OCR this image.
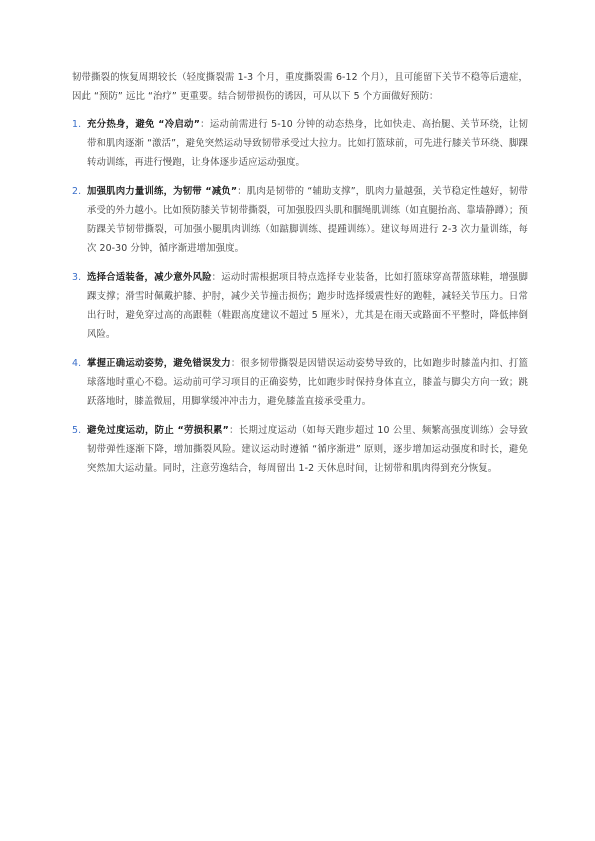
韧带撕裂的恢复周期较长（轻度撕裂需 1-3 个月，重度撕裂需 6-12 个月），且可能留下关节不稳等后遗症，因此 “预防” 远比 “治疗” 更重要。结合韧带损伤的诱因，可从以下 5 个方面做好预防：

1. 充分热身，避免 “冷启动”：运动前需进行 5-10 分钟的动态热身，比如快走、高抬腿、关节环绕，让韧带和肌肉逐渐 “激活”，避免突然运动导致韧带承受过大拉力。比如打篮球前，可先进行膝关节环绕、脚踝转动训练，再进行慢跑，让身体逐步适应运动强度。
2. 加强肌肉力量训练，为韧带 “减负”：肌肉是韧带的 “辅助支撑”，肌肉力量越强，关节稳定性越好，韧带承受的外力越小。比如预防膝关节韧带撕裂，可加强股四头肌和腘绳肌训练（如直腿抬高、靠墙静蹲）；预防踝关节韧带撕裂，可加强小腿肌肉训练（如踮脚训练、提踵训练）。建议每周进行 2-3 次力量训练，每次 20-30 分钟，循序渐进增加强度。
3. 选择合适装备，减少意外风险：运动时需根据项目特点选择专业装备，比如打篮球穿高帮篮球鞋，增强脚踝支撑；滑雪时佩戴护膝、护肘，减少关节撞击损伤；跑步时选择缓震性好的跑鞋，减轻关节压力。日常出行时，避免穿过高的高跟鞋（鞋跟高度建议不超过 5 厘米），尤其是在雨天或路面不平整时，降低摔倒风险。
4. 掌握正确运动姿势，避免错误发力：很多韧带撕裂是因错误运动姿势导致的，比如跑步时膝盖内扣、打篮球落地时重心不稳。运动前可学习项目的正确姿势，比如跑步时保持身体直立，膝盖与脚尖方向一致；跳跃落地时，膝盖微屈，用脚掌缓冲冲击力，避免膝盖直接承受重力。
5. 避免过度运动，防止 “劳损积累”：长期过度运动（如每天跑步超过 10 公里、频繁高强度训练）会导致韧带弹性逐渐下降，增加撕裂风险。建议运动时遵循 “循序渐进” 原则，逐步增加运动强度和时长，避免突然加大运动量。同时，注意劳逸结合，每周留出 1-2 天休息时间，让韧带和肌肉得到充分恢复。
